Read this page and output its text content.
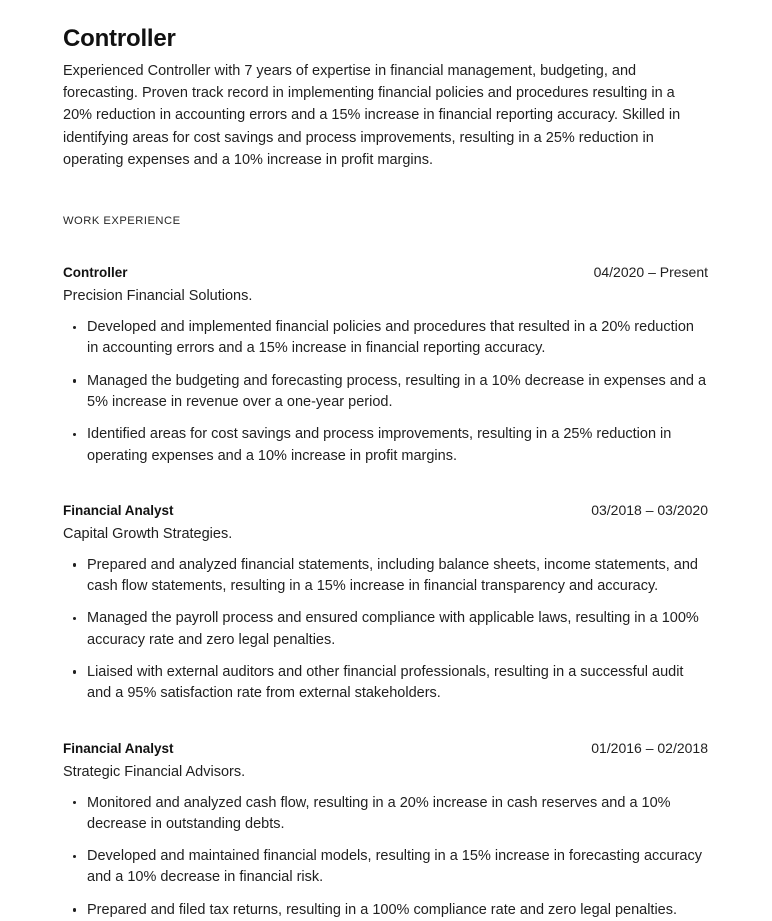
Controller

Experienced Controller with 7 years of expertise in financial management, budgeting, and forecasting. Proven track record in implementing financial policies and procedures resulting in a 20% reduction in accounting errors and a 15% increase in financial reporting accuracy. Skilled in identifying areas for cost savings and process improvements, resulting in a 25% reduction in operating expenses and a 10% increase in profit margins.

WORK EXPERIENCE
Controller	04/2020 – Present
Precision Financial Solutions.
Developed and implemented financial policies and procedures that resulted in a 20% reduction in accounting errors and a 15% increase in financial reporting accuracy.
Managed the budgeting and forecasting process, resulting in a 10% decrease in expenses and a 5% increase in revenue over a one-year period.
Identified areas for cost savings and process improvements, resulting in a 25% reduction in operating expenses and a 10% increase in profit margins.
Financial Analyst	03/2018 – 03/2020
Capital Growth Strategies.
Prepared and analyzed financial statements, including balance sheets, income statements, and cash flow statements, resulting in a 15% increase in financial transparency and accuracy.
Managed the payroll process and ensured compliance with applicable laws, resulting in a 100% accuracy rate and zero legal penalties.
Liaised with external auditors and other financial professionals, resulting in a successful audit and a 95% satisfaction rate from external stakeholders.
Financial Analyst	01/2016 – 02/2018
Strategic Financial Advisors.
Monitored and analyzed cash flow, resulting in a 20% increase in cash reserves and a 10% decrease in outstanding debts.
Developed and maintained financial models, resulting in a 15% increase in forecasting accuracy and a 10% decrease in financial risk.
Prepared and filed tax returns, resulting in a 100% compliance rate and zero legal penalties.
